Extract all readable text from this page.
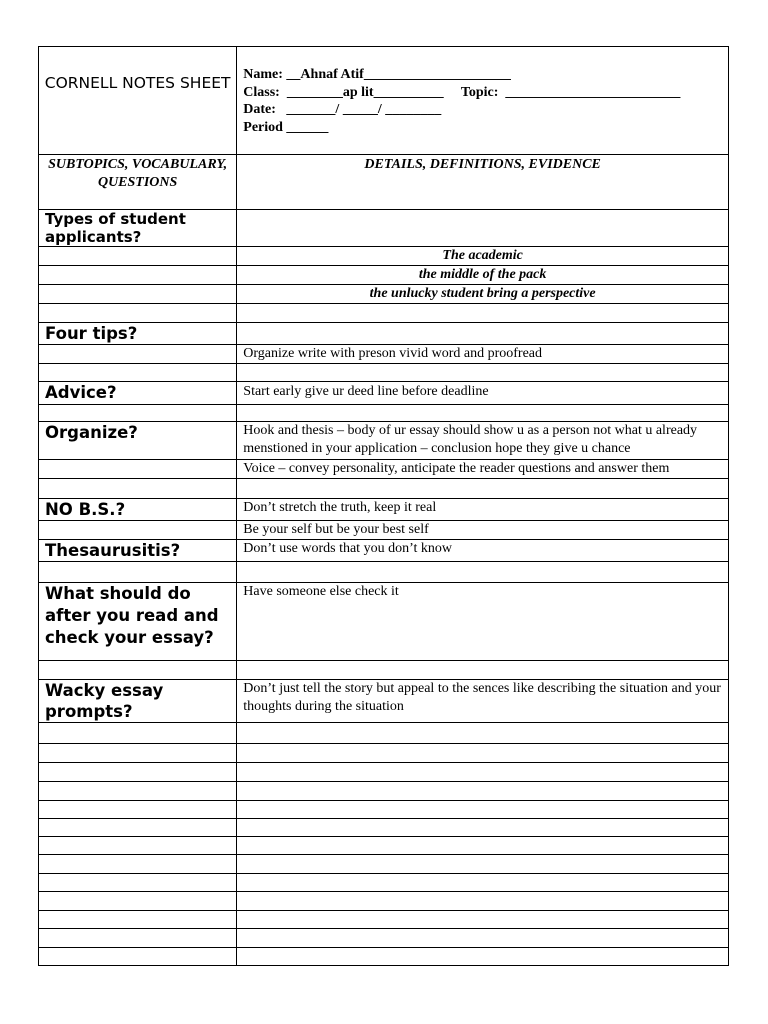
CORNELL NOTES SHEET	Name: __Ahnaf Atif_____________________
Class:  ________ap lit__________     Topic:  _________________________
Date:   _______/ _____/ ________
Period ______

SUBTOPICS, VOCABULARY, QUESTIONS	DETAILS, DEFINITIONS, EVIDENCE
Types of student applicants?	
	The academic
	the middle of the pack
	the unlucky student bring a perspective

Four tips?	
	Organize write with preson vivid word and proofread

Advice?	Start early give ur deed line before deadline

Organize?	Hook and thesis – body of ur essay should show u as a person not what u already menstioned in your application – conclusion hope they give u chance
	Voice – convey personality, anticipate the reader questions and answer them

NO B.S.?	Don’t stretch the truth, keep it real
	Be your self but be your best self
Thesaurusitis?	Don’t use words that you don’t know

What should do after you read and check your essay?	Have someone else check it

Wacky essay prompts?	Don’t just tell the story but appeal to the sences like describing the situation and your thoughts during the situation
